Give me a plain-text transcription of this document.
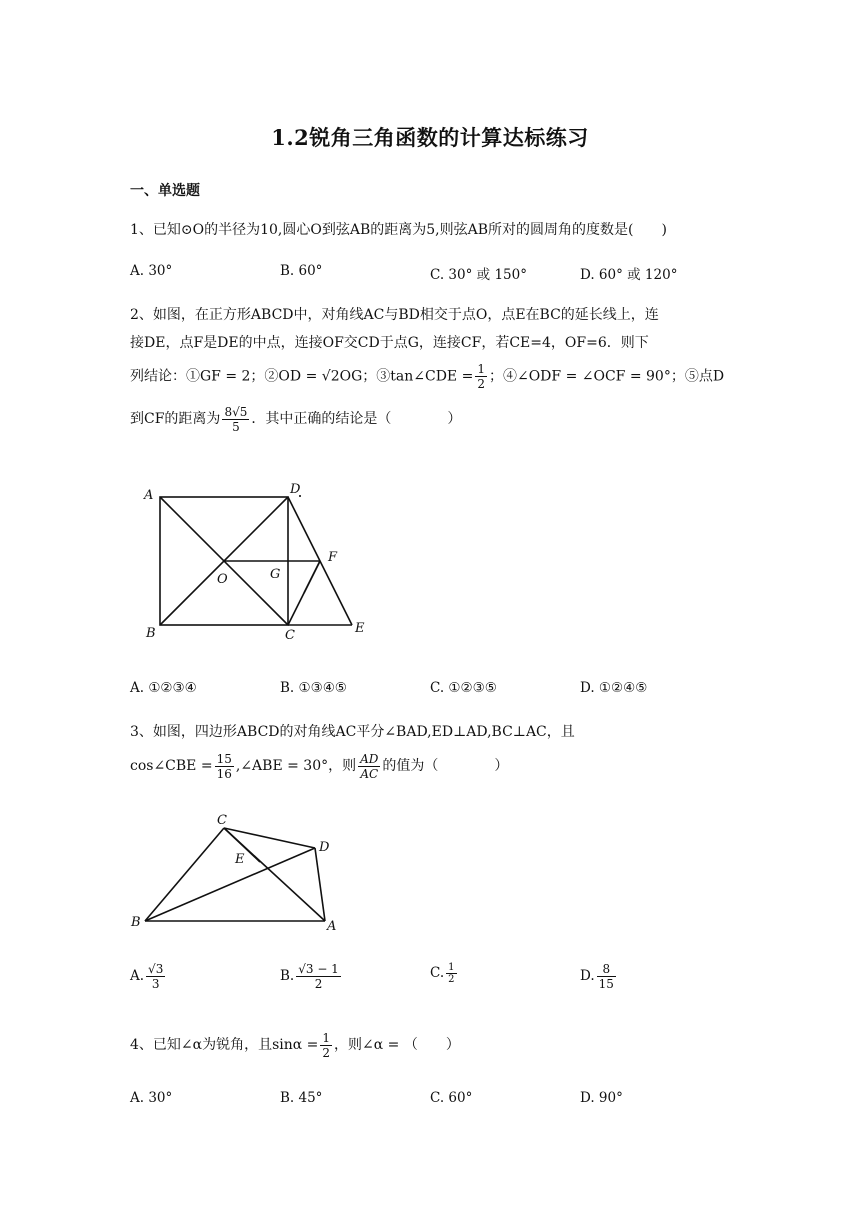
1.2锐角三角函数的计算达标练习
一、单选题
1、已知⊙O的半径为10,圆心O到弦AB的距离为5,则弦AB所对的圆周角的度数是(　　)
A. 30°	B. 60°	C. 30° 或 150°	D. 60° 或 120°
2、如图，在正方形ABCD中，对角线AC与BD相交于点O，点E在BC的延长线上，连
接DE，点F是DE的中点，连接OF交CD于点G，连接CF，若CE=4，OF=6．则下
列结论：①GF = 2；②OD = √2OG；③tan∠CDE = $\frac{1}{2}$ ；④∠ODF = ∠OCF = 90°；⑤点D
到CF的距离为 $\frac{8√5}{5}$ ．其中正确的结论是（　　　　）
A	D
B	C	E
F
G
O
A. ①②③④	B. ①③④⑤	C. ①②③⑤	D. ①②④⑤
3、如图，四边形ABCD的对角线AC平分∠BAD,ED⊥AD,BC⊥AC，且
cos∠CBE = $\frac{15}{16}$ ,∠ABE = 30°，则 $\frac{AD}{AC}$ 的值为（　　　　）
C
E
D
B	A
A. $\frac{√3}{3}$	B. $\frac{√3 - 1}{2}$	C. $\frac{1}{2}$	D. $\frac{8}{15}$
4、已知∠α为锐角，且$\sin\alpha = \frac{1}{2}$ ，则∠α = （　　）
A. 30°	B. 45°	C. 60°	D. 90°
